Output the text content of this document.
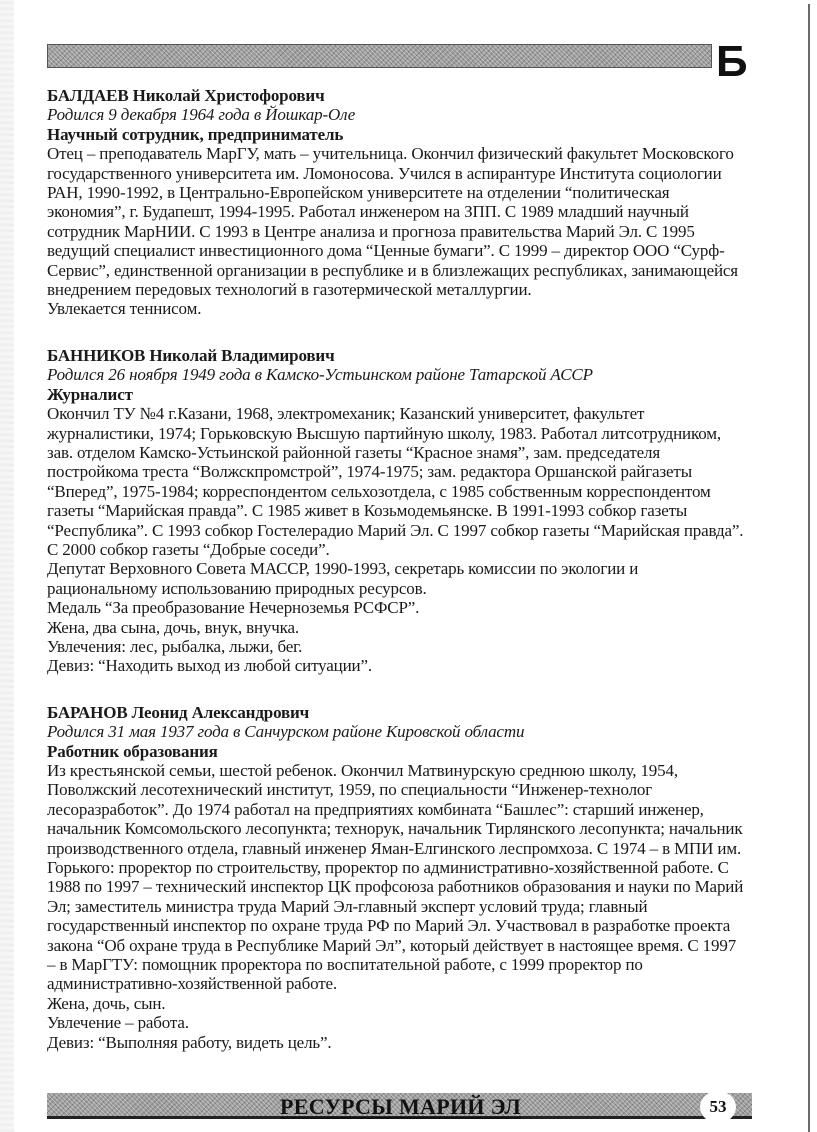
Б

БАЛДАЕВ Николай Христофорович

Родился 9 декабря 1964 года в Йошкар-Оле

Научный сотрудник, предприниматель

Отец – преподаватель МарГУ, мать – учительница. Окончил физический факультет Московского государственного университета им. Ломоносова. Учился в аспирантуре Института социологии РАН, 1990-1992, в Центрально-Европейском университете на отделении “политическая экономия”, г. Будапешт, 1994-1995. Работал инженером на ЗПП. С 1989 младший научный сотрудник МарНИИ. С 1993 в Центре анализа и прогноза правительства Марий Эл. С 1995 ведущий специалист инвестиционного дома “Ценные бумаги”. С 1999 – директор ООО “Сурф-Сервис”, единственной организации в республике и в близлежащих республиках, занимающейся внедрением передовых технологий в газотермической металлургии.

Увлекается теннисом.

БАННИКОВ Николай Владимирович

Родился 26 ноября 1949 года в Камско-Устьинском районе Татарской АССР

Журналист

Окончил ТУ №4 г.Казани, 1968, электромеханик; Казанский университет, факультет журналистики, 1974; Горьковскую Высшую партийную школу, 1983. Работал литсотрудником, зав. отделом Камско-Устьинской районной газеты “Красное знамя”, зам. председателя постройкома треста “Волжскпромстрой”, 1974-1975; зам. редактора Оршанской райгазеты “Вперед”, 1975-1984; корреспондентом сельхозотдела, с 1985 собственным корреспондентом газеты “Марийская правда”. С 1985 живет в Козьмодемьянске. В 1991-1993 собкор газеты “Республика”. С 1993 собкор Гостелерадио Марий Эл. С 1997 собкор газеты “Марийская правда”. С 2000 собкор газеты “Добрые соседи”.

Депутат Верховного Совета МАССР, 1990-1993, секретарь комиссии по экологии и рациональному использованию природных ресурсов.

Медаль “За преобразование Нечерноземья РСФСР”.

Жена, два сына, дочь, внук, внучка.

Увлечения: лес, рыбалка, лыжи, бег.

Девиз: “Находить выход из любой ситуации”.

БАРАНОВ Леонид Александрович

Родился 31 мая 1937 года в Санчурском районе Кировской области

Работник образования

Из крестьянской семьи, шестой ребенок. Окончил Матвинурскую среднюю школу, 1954, Поволжский лесотехнический институт, 1959, по специальности “Инженер-технолог лесоразработок”. До 1974 работал на предприятиях комбината “Башлес”: старший инженер, начальник Комсомольского лесопункта; технорук, начальник Тирлянского лесопункта; начальник производственного отдела, главный инженер Яман-Елгинского леспромхоза. С 1974 – в МПИ им. Горького: проректор по строительству, проректор по административно-хозяйственной работе. С 1988 по 1997 – технический инспектор ЦК профсоюза работников образования и науки по Марий Эл; заместитель министра труда Марий Эл-главный эксперт условий труда; главный государственный инспектор по охране труда РФ по Марий Эл. Участвовал в разработке проекта закона “Об охране труда в Республике Марий Эл”, который действует в настоящее время. С 1997 – в МарГТУ: помощник проректора по воспитательной работе, с 1999 проректор по административно-хозяйственной работе.

Жена, дочь, сын.

Увлечение – работа.

Девиз: “Выполняя работу, видеть цель”.

РЕСУРСЫ МАРИЙ ЭЛ	53
